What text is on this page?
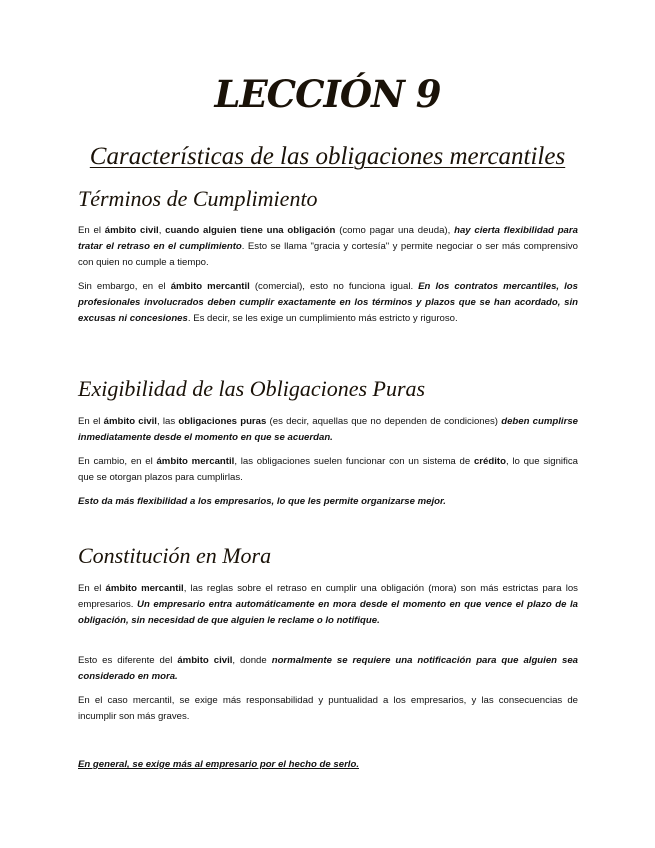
LECCIÓN 9
Características de las obligaciones mercantiles
Términos de Cumplimiento

En el ámbito civil, cuando alguien tiene una obligación (como pagar una deuda), hay cierta flexibilidad para tratar el retraso en el cumplimiento. Esto se llama "gracia y cortesía" y permite negociar o ser más comprensivo con quien no cumple a tiempo.

Sin embargo, en el ámbito mercantil (comercial), esto no funciona igual. En los contratos mercantiles, los profesionales involucrados deben cumplir exactamente en los términos y plazos que se han acordado, sin excusas ni concesiones. Es decir, se les exige un cumplimiento más estricto y riguroso.

Exigibilidad de las Obligaciones Puras

En el ámbito civil, las obligaciones puras (es decir, aquellas que no dependen de condiciones) deben cumplirse inmediatamente desde el momento en que se acuerdan.

En cambio, en el ámbito mercantil, las obligaciones suelen funcionar con un sistema de crédito, lo que significa que se otorgan plazos para cumplirlas.

Esto da más flexibilidad a los empresarios, lo que les permite organizarse mejor.

Constitución en Mora

En el ámbito mercantil, las reglas sobre el retraso en cumplir una obligación (mora) son más estrictas para los empresarios. Un empresario entra automáticamente en mora desde el momento en que vence el plazo de la obligación, sin necesidad de que alguien le reclame o lo notifique.

Esto es diferente del ámbito civil, donde normalmente se requiere una notificación para que alguien sea considerado en mora.

En el caso mercantil, se exige más responsabilidad y puntualidad a los empresarios, y las consecuencias de incumplir son más graves.

En general, se exige más al empresario por el hecho de serlo.
